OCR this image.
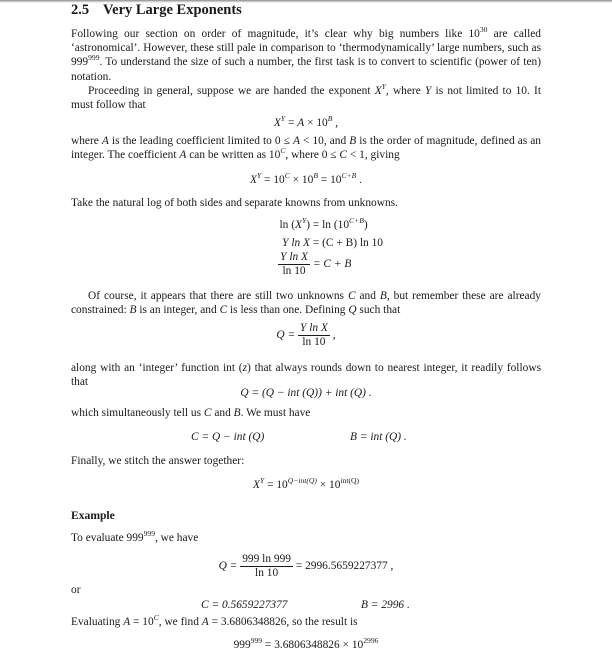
2.5 Very Large Exponents
Following our section on order of magnitude, it’s clear why big numbers like $10^{30}$ are called ‘astronomical’. However, these still pale in comparison to ‘thermodynamically’ large numbers, such as $999^{999}$. To understand the size of such a number, the first task is to convert to scientific (power of ten) notation.
Proceeding in general, suppose we are handed the exponent $X^Y$, where Y is not limited to 10. It must follow that
$X^Y = A \times 10^B$ ,
where A is the leading coefficient limited to 0 ≤ A < 10, and B is the order of magnitude, defined as an integer. The coefficient A can be written as $10^C$, where 0 ≤ C < 1, giving
$X^Y = 10^C \times 10^B = 10^{C+B}$ .
Take the natural log of both sides and separate knowns from unknowns.
$\ln (X^Y) = \ln (10^{C+B})$
Y ln X = (C + B) ln 10
$\frac{\text{Y ln X}}{\ln 10} = C + B$
Of course, it appears that there are still two unknowns C and B, but remember these are already constrained: B is an integer, and C is less than one. Defining Q such that
$Q = \frac{\text{Y ln X}}{\ln 10}$ ,
along with an ‘integer’ function int (z) that always rounds down to nearest integer, it readily follows that
Q = (Q − int (Q)) + int (Q) .
which simultaneously tell us C and B. We must have
C = Q − int (Q)	B = int (Q) .
Finally, we stitch the answer together:
$X^Y = 10^{Q-int(Q)} \times 10^{int(Q)}$
Example
To evaluate $999^{999}$, we have
$Q = \frac{999 \ln 999}{\ln 10} = 2996.5659227377$ ,
or
C = 0.5659227377	B = 2996 .
Evaluating $A = 10^C$, we find A = 3.6806348826, so the result is
$999^{999} = 3.6806348826 \times 10^{2996}$
